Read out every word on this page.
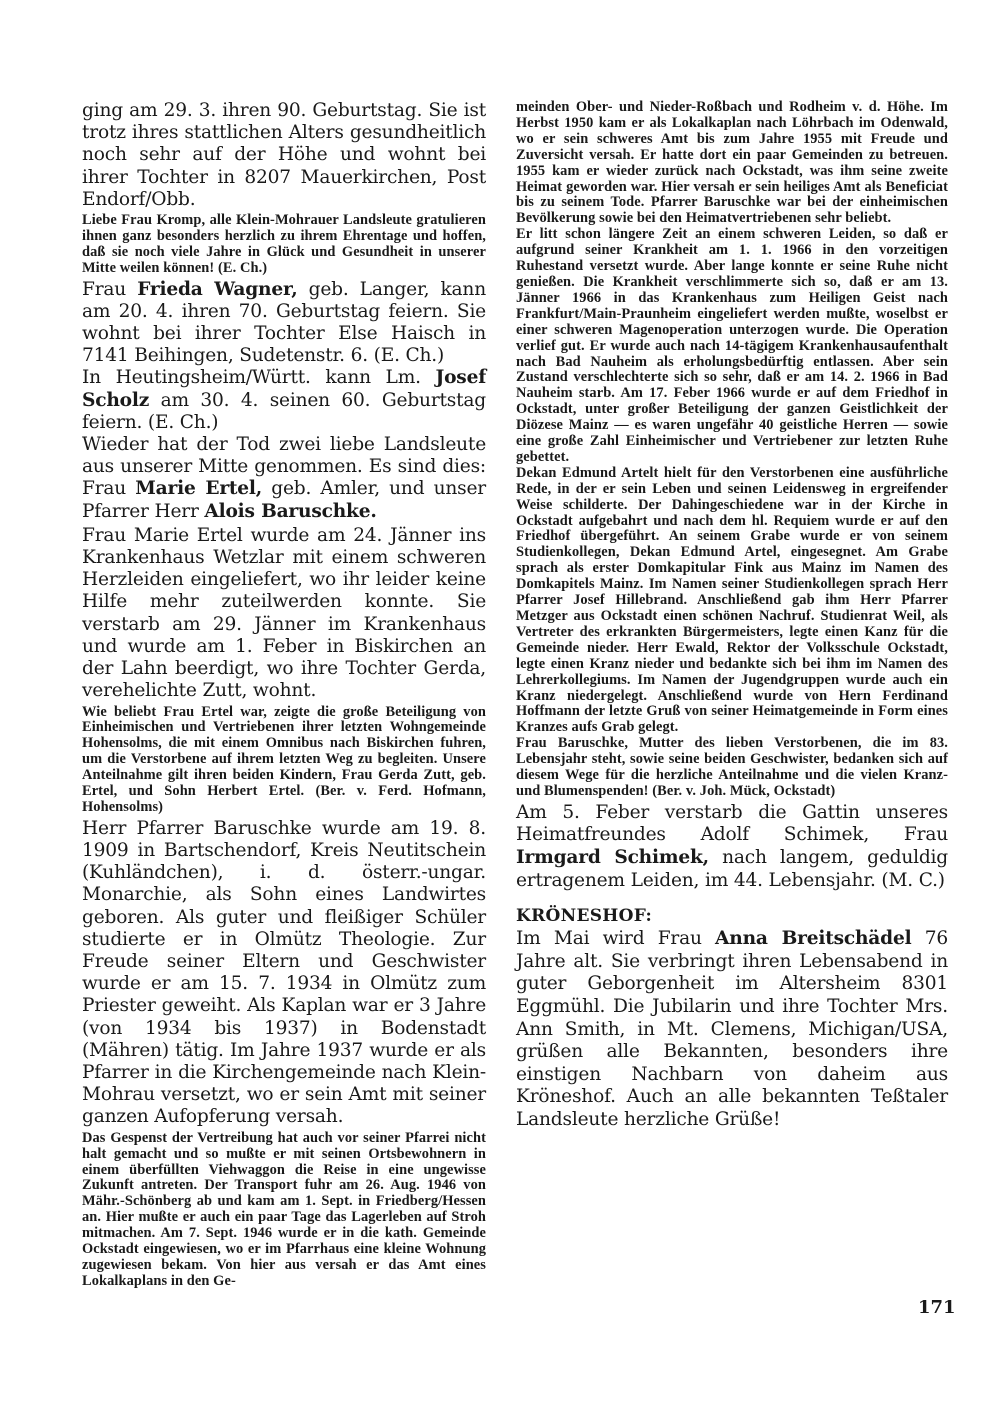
ging am 29. 3. ihren 90. Geburtstag. Sie ist trotz ihres stattlichen Alters gesundheitlich noch sehr auf der Höhe und wohnt bei ihrer Tochter in 8207 Mauerkirchen, Post Endorf/Obb.

Liebe Frau Kromp, alle Klein-Mohrauer Landsleute gratulieren ihnen ganz besonders herzlich zu ihrem Ehrentage und hoffen, daß sie noch viele Jahre in Glück und Gesundheit in unserer Mitte weilen können! (E. Ch.)

Frau Frieda Wagner, geb. Langer, kann am 20. 4. ihren 70. Geburtstag feiern. Sie wohnt bei ihrer Tochter Else Haisch in 7141 Beihingen, Sudetenstr. 6. (E. Ch.)

In Heutingsheim/Württ. kann Lm. Josef Scholz am 30. 4. seinen 60. Geburtstag feiern. (E. Ch.)

Wieder hat der Tod zwei liebe Landsleute aus unserer Mitte genommen. Es sind dies: Frau Marie Ertel, geb. Amler, und unser Pfarrer Herr Alois Baruschke.

Frau Marie Ertel wurde am 24. Jänner ins Krankenhaus Wetzlar mit einem schweren Herzleiden eingeliefert, wo ihr leider keine Hilfe mehr zuteilwerden konnte. Sie verstarb am 29. Jänner im Krankenhaus und wurde am 1. Feber in Biskirchen an der Lahn beerdigt, wo ihre Tochter Gerda, verehelichte Zutt, wohnt.

Wie beliebt Frau Ertel war, zeigte die große Beteiligung von Einheimischen und Vertriebenen ihrer letzten Wohngemeinde Hohensolms, die mit einem Omnibus nach Biskirchen fuhren, um die Verstorbene auf ihrem letzten Weg zu begleiten. Unsere Anteilnahme gilt ihren beiden Kindern, Frau Gerda Zutt, geb. Ertel, und Sohn Herbert Ertel. (Ber. v. Ferd. Hofmann, Hohensolms)

Herr Pfarrer Baruschke wurde am 19. 8. 1909 in Bartschendorf, Kreis Neutitschein (Kuhländchen), i. d. österr.-ungar. Monarchie, als Sohn eines Landwirtes geboren. Als guter und fleißiger Schüler studierte er in Olmütz Theologie. Zur Freude seiner Eltern und Geschwister wurde er am 15. 7. 1934 in Olmütz zum Priester geweiht. Als Kaplan war er 3 Jahre (von 1934 bis 1937) in Bodenstadt (Mähren) tätig. Im Jahre 1937 wurde er als Pfarrer in die Kirchengemeinde nach Klein-Mohrau versetzt, wo er sein Amt mit seiner ganzen Aufopferung versah.

Das Gespenst der Vertreibung hat auch vor seiner Pfarrei nicht halt gemacht und so mußte er mit seinen Ortsbewohnern in einem überfüllten Viehwaggon die Reise in eine ungewisse Zukunft antreten. Der Transport fuhr am 26. Aug. 1946 von Mähr.-Schönberg ab und kam am 1. Sept. in Friedberg/Hessen an. Hier mußte er auch ein paar Tage das Lagerleben auf Stroh mitmachen. Am 7. Sept. 1946 wurde er in die kath. Gemeinde Ockstadt eingewiesen, wo er im Pfarrhaus eine kleine Wohnung zugewiesen bekam. Von hier aus versah er das Amt eines Lokalkaplans in den Ge-

meinden Ober- und Nieder-Roßbach und Rodheim v. d. Höhe. Im Herbst 1950 kam er als Lokalkaplan nach Löhrbach im Odenwald, wo er sein schweres Amt bis zum Jahre 1955 mit Freude und Zuversicht versah. Er hatte dort ein paar Gemeinden zu betreuen. 1955 kam er wieder zurück nach Ockstadt, was ihm seine zweite Heimat geworden war. Hier versah er sein heiliges Amt als Beneficiat bis zu seinem Tode. Pfarrer Baruschke war bei der einheimischen Bevölkerung sowie bei den Heimatvertriebenen sehr beliebt.

Er litt schon längere Zeit an einem schweren Leiden, so daß er aufgrund seiner Krankheit am 1. 1. 1966 in den vorzeitigen Ruhestand versetzt wurde. Aber lange konnte er seine Ruhe nicht genießen. Die Krankheit verschlimmerte sich so, daß er am 13. Jänner 1966 in das Krankenhaus zum Heiligen Geist nach Frankfurt/Main-Praunheim eingeliefert werden mußte, woselbst er einer schweren Magenoperation unterzogen wurde. Die Operation verlief gut. Er wurde auch nach 14-tägigem Krankenhausaufenthalt nach Bad Nauheim als erholungsbedürftig entlassen. Aber sein Zustand verschlechterte sich so sehr, daß er am 14. 2. 1966 in Bad Nauheim starb. Am 17. Feber 1966 wurde er auf dem Friedhof in Ockstadt, unter großer Beteiligung der ganzen Geistlichkeit der Diözese Mainz — es waren ungefähr 40 geistliche Herren — sowie eine große Zahl Einheimischer und Vertriebener zur letzten Ruhe gebettet.

Dekan Edmund Artelt hielt für den Verstorbenen eine ausführliche Rede, in der er sein Leben und seinen Leidensweg in ergreifender Weise schilderte. Der Dahingeschiedene war in der Kirche in Ockstadt aufgebahrt und nach dem hl. Requiem wurde er auf den Friedhof übergeführt. An seinem Grabe wurde er von seinem Studienkollegen, Dekan Edmund Artel, eingesegnet. Am Grabe sprach als erster Domkapitular Fink aus Mainz im Namen des Domkapitels Mainz. Im Namen seiner Studienkollegen sprach Herr Pfarrer Josef Hillebrand. Anschließend gab ihm Herr Pfarrer Metzger aus Ockstadt einen schönen Nachruf. Studienrat Weil, als Vertreter des erkrankten Bürgermeisters, legte einen Kanz für die Gemeinde nieder. Herr Ewald, Rektor der Volksschule Ockstadt, legte einen Kranz nieder und bedankte sich bei ihm im Namen des Lehrerkollegiums. Im Namen der Jugendgruppen wurde auch ein Kranz niedergelegt. Anschließend wurde von Hern Ferdinand Hoffmann der letzte Gruß von seiner Heimatgemeinde in Form eines Kranzes aufs Grab gelegt.

Frau Baruschke, Mutter des lieben Verstorbenen, die im 83. Lebensjahr steht, sowie seine beiden Geschwister, bedanken sich auf diesem Wege für die herzliche Anteilnahme und die vielen Kranz- und Blumenspenden! (Ber. v. Joh. Mück, Ockstadt)

Am 5. Feber verstarb die Gattin unseres Heimatfreundes Adolf Schimek, Frau Irmgard Schimek, nach langem, geduldig ertragenem Leiden, im 44. Lebensjahr. (M. C.)

KRÖNESHOF:

Im Mai wird Frau Anna Breitschädel 76 Jahre alt. Sie verbringt ihren Lebensabend in guter Geborgenheit im Altersheim 8301 Eggmühl. Die Jubilarin und ihre Tochter Mrs. Ann Smith, in Mt. Clemens, Michigan/USA, grüßen alle Bekannten, besonders ihre einstigen Nachbarn von daheim aus Kröneshof. Auch an alle bekannten Teßtaler Landsleute herzliche Grüße!

171
